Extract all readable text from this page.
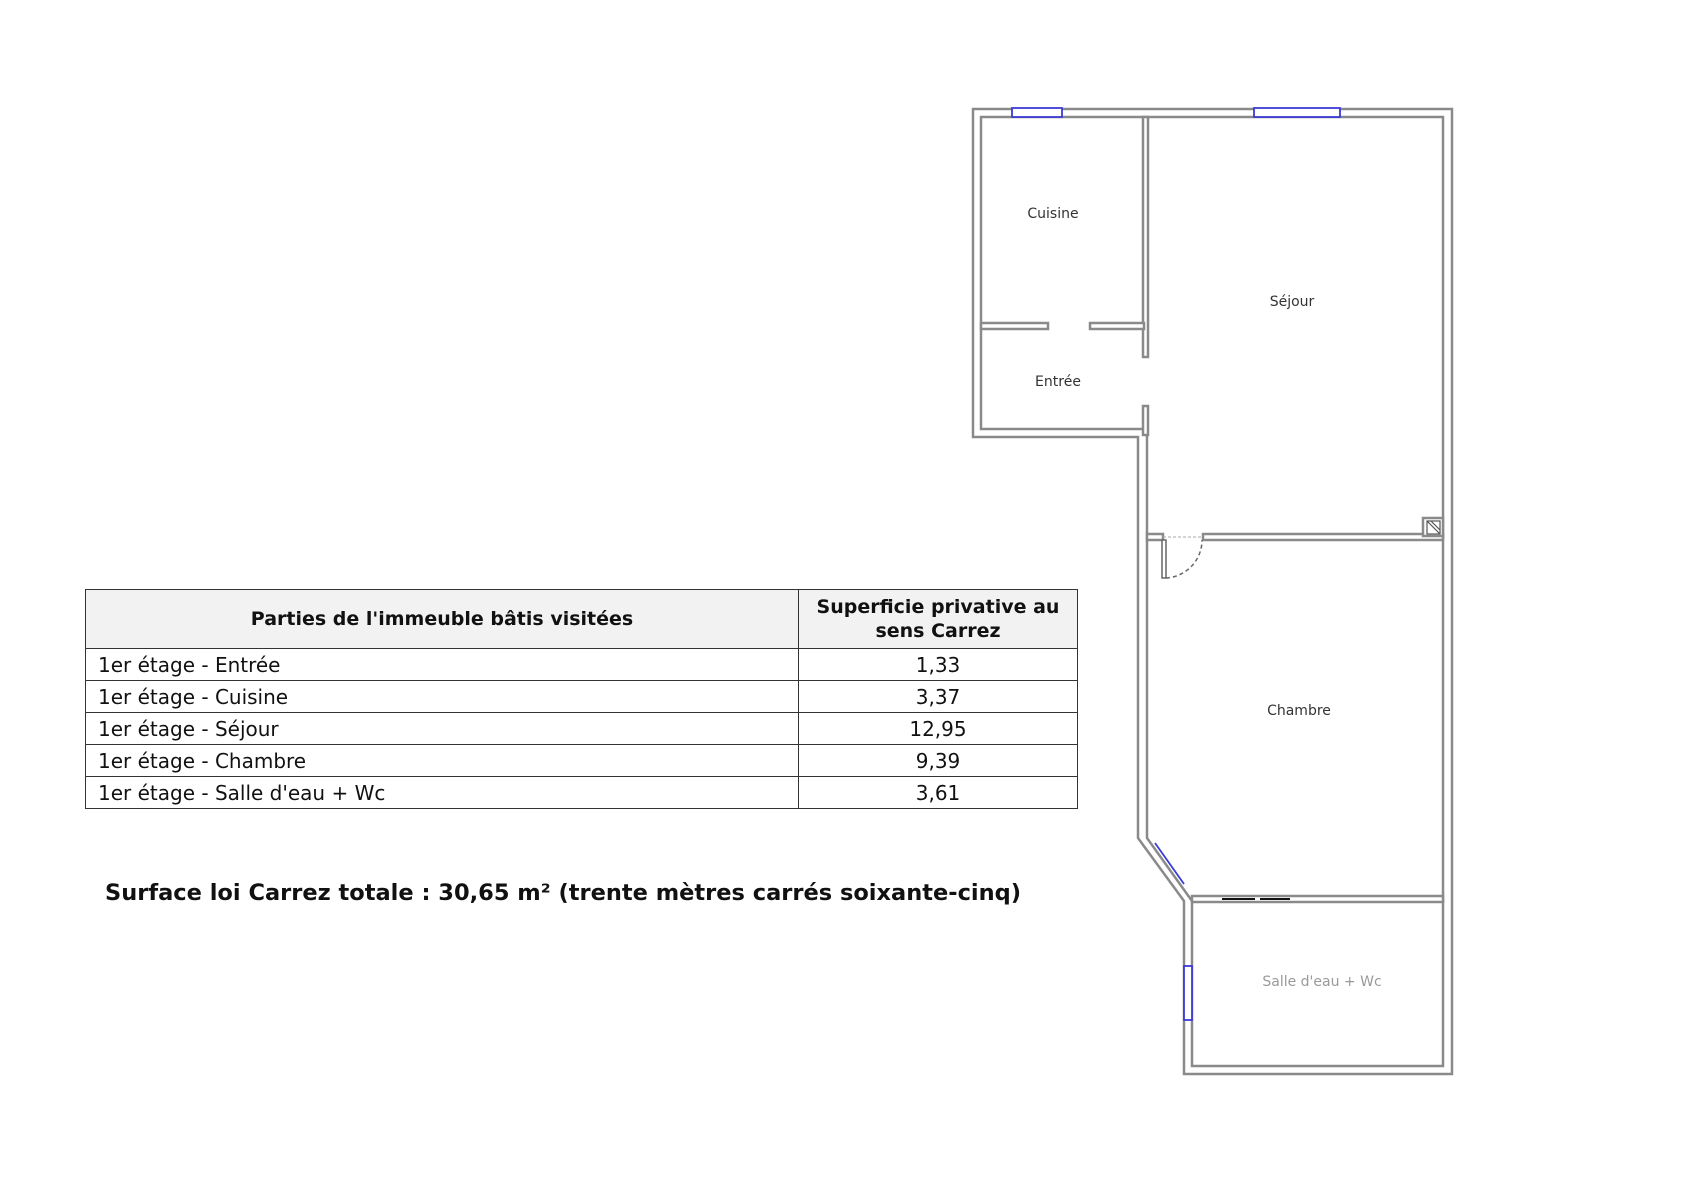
Cuisine
Séjour
Entrée
Chambre
Salle d'eau + Wc
Parties de l'immeuble bâtis visitées	Superficie privative au sens Carrez
1er étage - Entrée	1,33
1er étage - Cuisine	3,37
1er étage - Séjour	12,95
1er étage - Chambre	9,39
1er étage - Salle d'eau + Wc	3,61
Surface loi Carrez totale : 30,65 m² (trente mètres carrés soixante-cinq)
